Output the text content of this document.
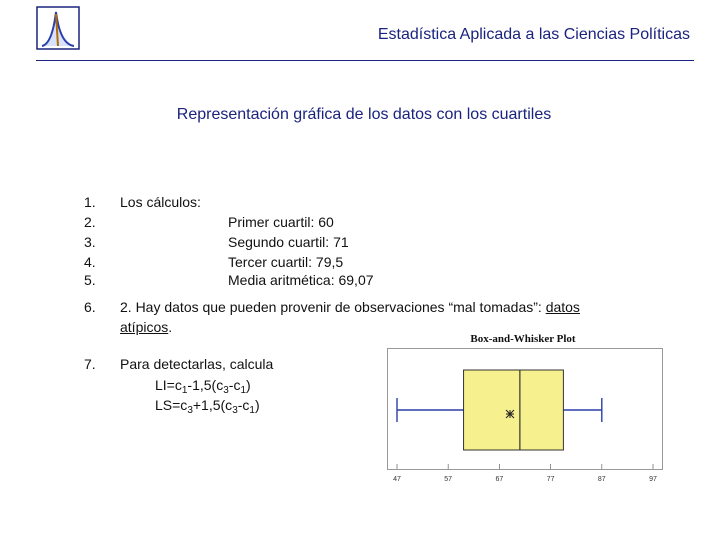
Estadística Aplicada a las Ciencias Políticas
Representación gráfica de los datos con los cuartiles
1.
2.
3.
4.
5.
6.
7.
Los cálculos:
Primer cuartil: 60
Segundo cuartil: 71
Tercer cuartil: 79,5
Media aritmética: 69,07
2. Hay datos que pueden provenir de observaciones “mal tomadas”: datos
atípicos.
Para detectarlas, calcula
$LI=c_1-1,5(c_3-c_1)$
$LS=c_3+1,5(c_3-c_1)$
Box-and-Whisker Plot
47	57	67	77	87	97
